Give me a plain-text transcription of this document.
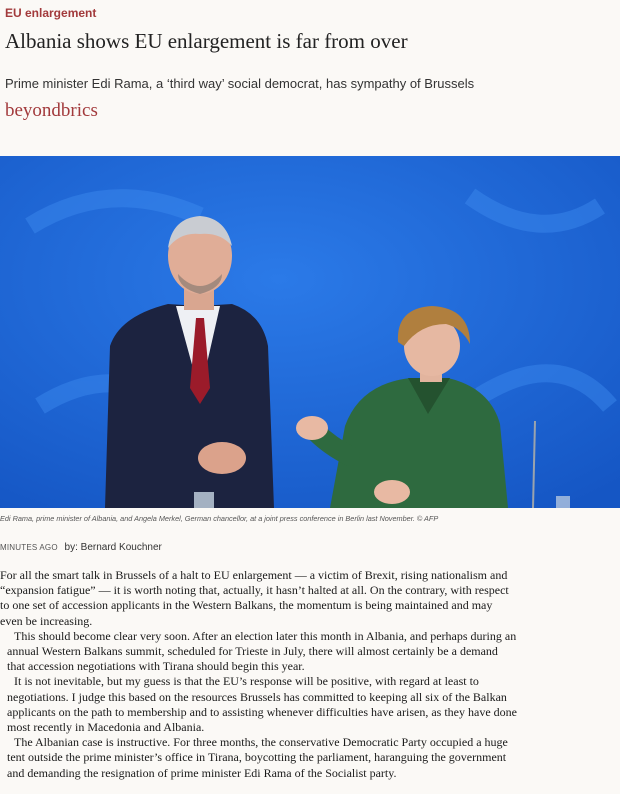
EU enlargement
Albania shows EU enlargement is far from over
Prime minister Edi Rama, a ‘third way’ social democrat, has sympathy of Brussels
beyondbrics
Edi Rama, prime minister of Albania, and Angela Merkel, German chancellor, at a joint press conference in Berlin last November. © AFP
MINUTES AGO by: Bernard Kouchner

For all the smart talk in Brussels of a halt to EU enlargement — a victim of Brexit, rising nationalism and
“expansion fatigue” — it is worth noting that, actually, it hasn’t halted at all. On the contrary, with respect
to one set of accession applicants in the Western Balkans, the momentum is being maintained and may
even be increasing.

This should become clear very soon. After an election later this month in Albania, and perhaps during an

annual Western Balkans summit, scheduled for Trieste in July, there will almost certainly be a demand
that accession negotiations with Tirana should begin this year.

It is not inevitable, but my guess is that the EU’s response will be positive, with regard at least to

negotiations. I judge this based on the resources Brussels has committed to keeping all six of the Balkan
applicants on the path to membership and to assisting whenever difficulties have arisen, as they have done
most recently in Macedonia and Albania.

The Albanian case is instructive. For three months, the conservative Democratic Party occupied a huge

tent outside the prime minister’s office in Tirana, boycotting the parliament, haranguing the government
and demanding the resignation of prime minister Edi Rama of the Socialist party.
